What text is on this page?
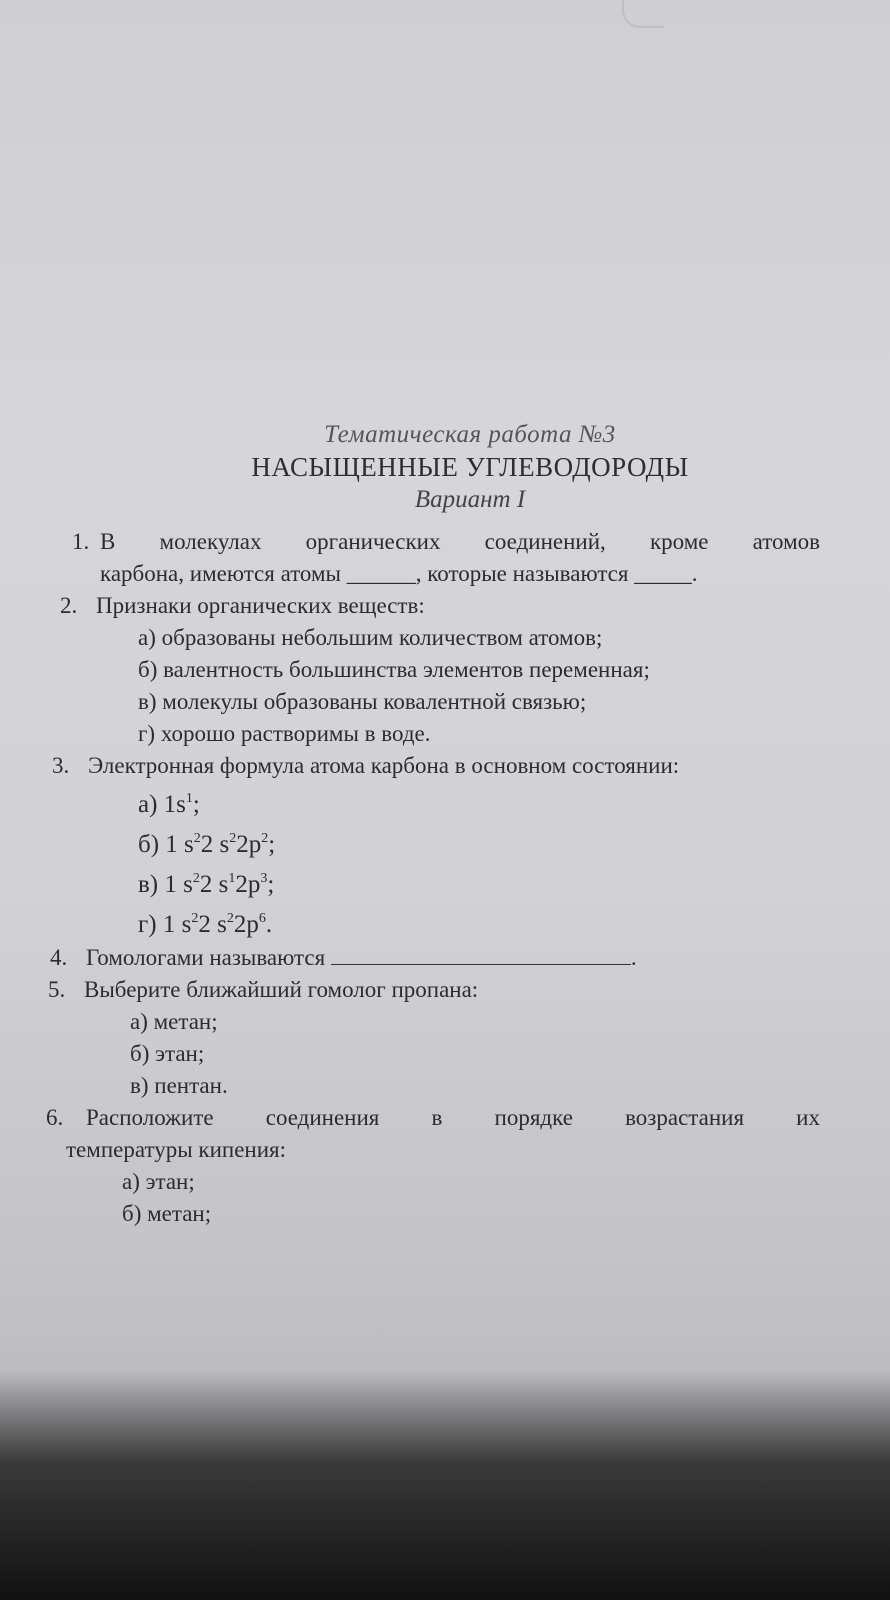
Тематическая работа №3
НАСЫЩЕННЫЕ УГЛЕВОДОРОДЫ
Вариант I
1. В молекулах органических соединений, кроме атомов
карбона, имеются атомы ______, которые называются _____.
2. Признаки органических веществ:
а) образованы небольшим количеством атомов;
б) валентность большинства элементов переменная;
в) молекулы образованы ковалентной связью;
г) хорошо растворимы в воде.
3. Электронная формула атома карбона в основном состоянии:
а) $1s^1$;
б) 1 $s^22$ $s^22p^2$;
в) 1 $s^22$ $s^12p^3$;
г) 1 $s^22$ $s^22p^6$.
4. Гомологами называются	.
5. Выберите ближайший гомолог пропана:
а) метан;
б) этан;
в) пентан.
6. Расположите соединения в порядке возрастания их
температуры кипения:
а) этан;
б) метан;
